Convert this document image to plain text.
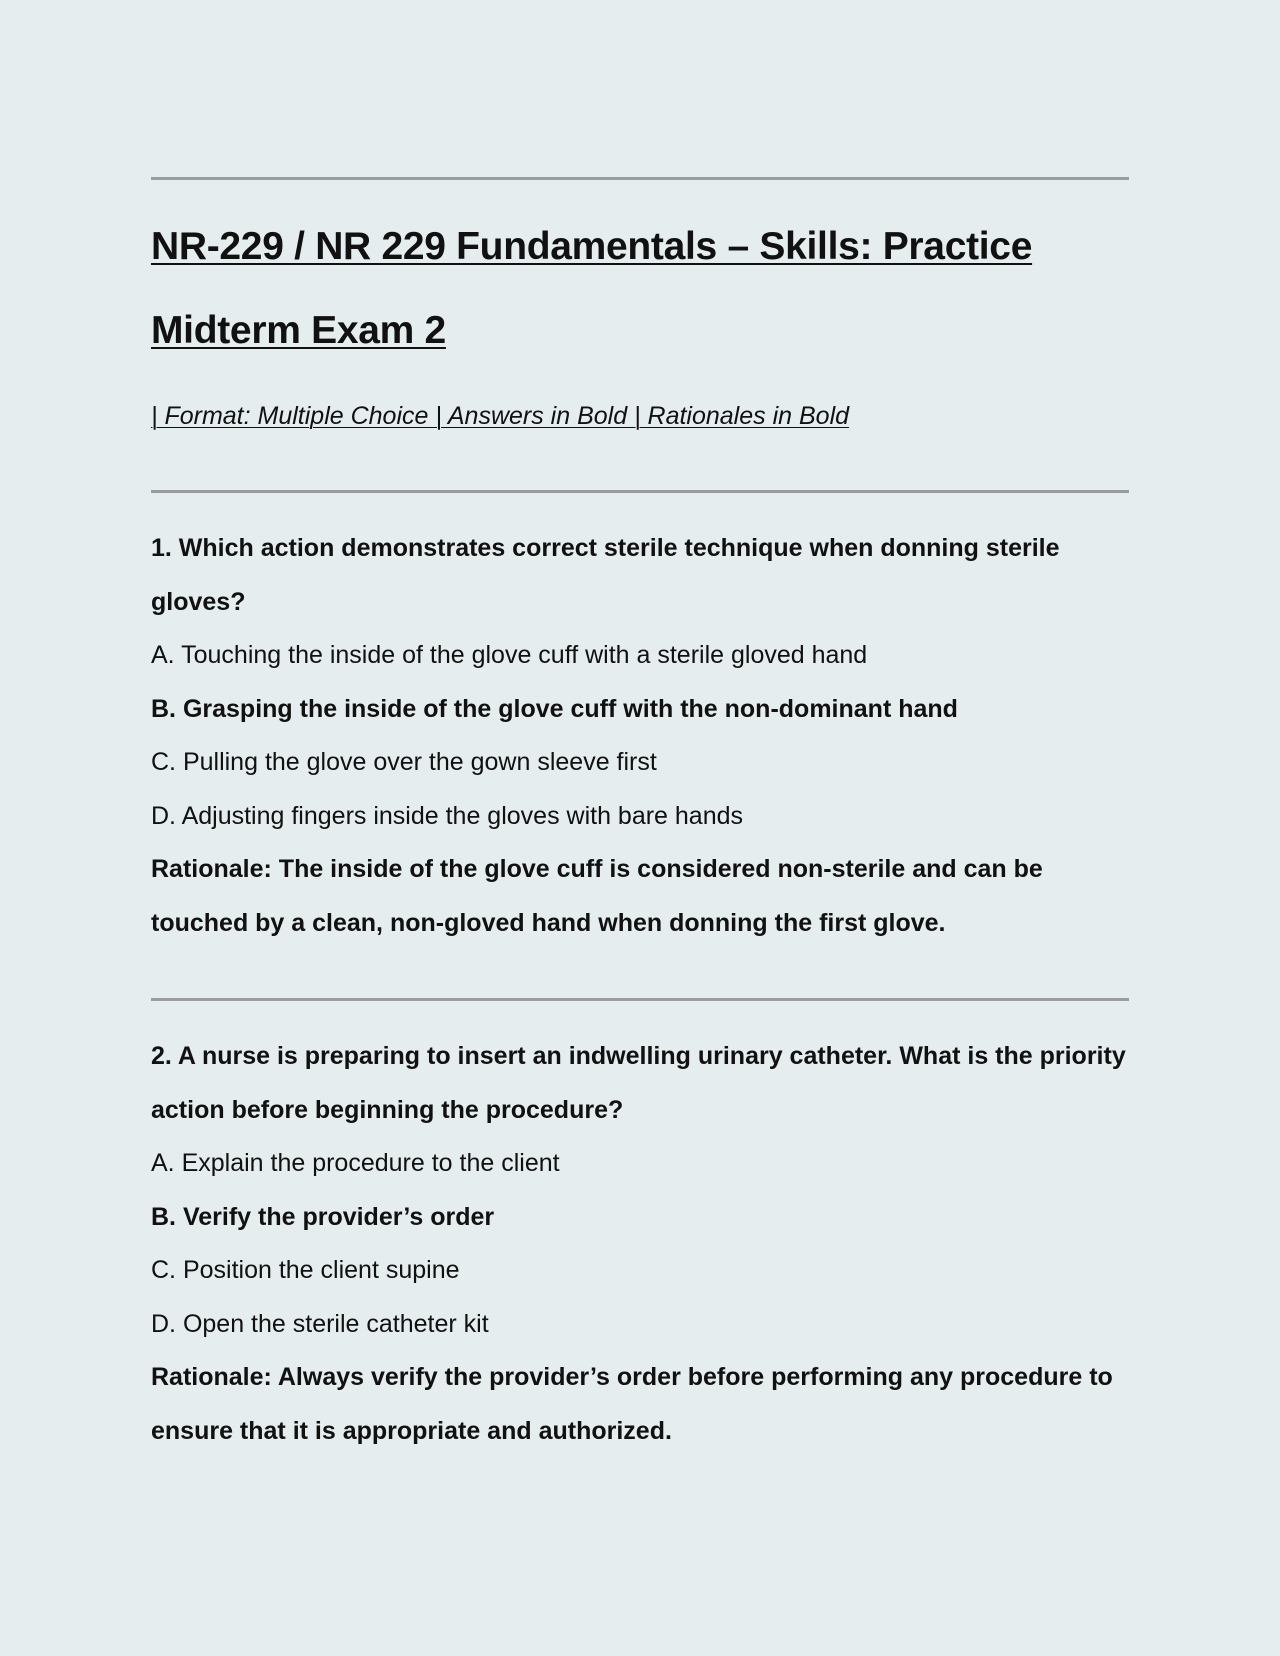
NR-229 / NR 229 Fundamentals – Skills: Practice Midterm Exam 2

| Format: Multiple Choice | Answers in Bold | Rationales in Bold

1. Which action demonstrates correct sterile technique when donning sterile gloves?
A. Touching the inside of the glove cuff with a sterile gloved hand
B. Grasping the inside of the glove cuff with the non-dominant hand
C. Pulling the glove over the gown sleeve first
D. Adjusting fingers inside the gloves with bare hands
Rationale: The inside of the glove cuff is considered non-sterile and can be touched by a clean, non-gloved hand when donning the first glove.
2. A nurse is preparing to insert an indwelling urinary catheter. What is the priority action before beginning the procedure?
A. Explain the procedure to the client
B. Verify the provider’s order
C. Position the client supine
D. Open the sterile catheter kit
Rationale: Always verify the provider’s order before performing any procedure to ensure that it is appropriate and authorized.
